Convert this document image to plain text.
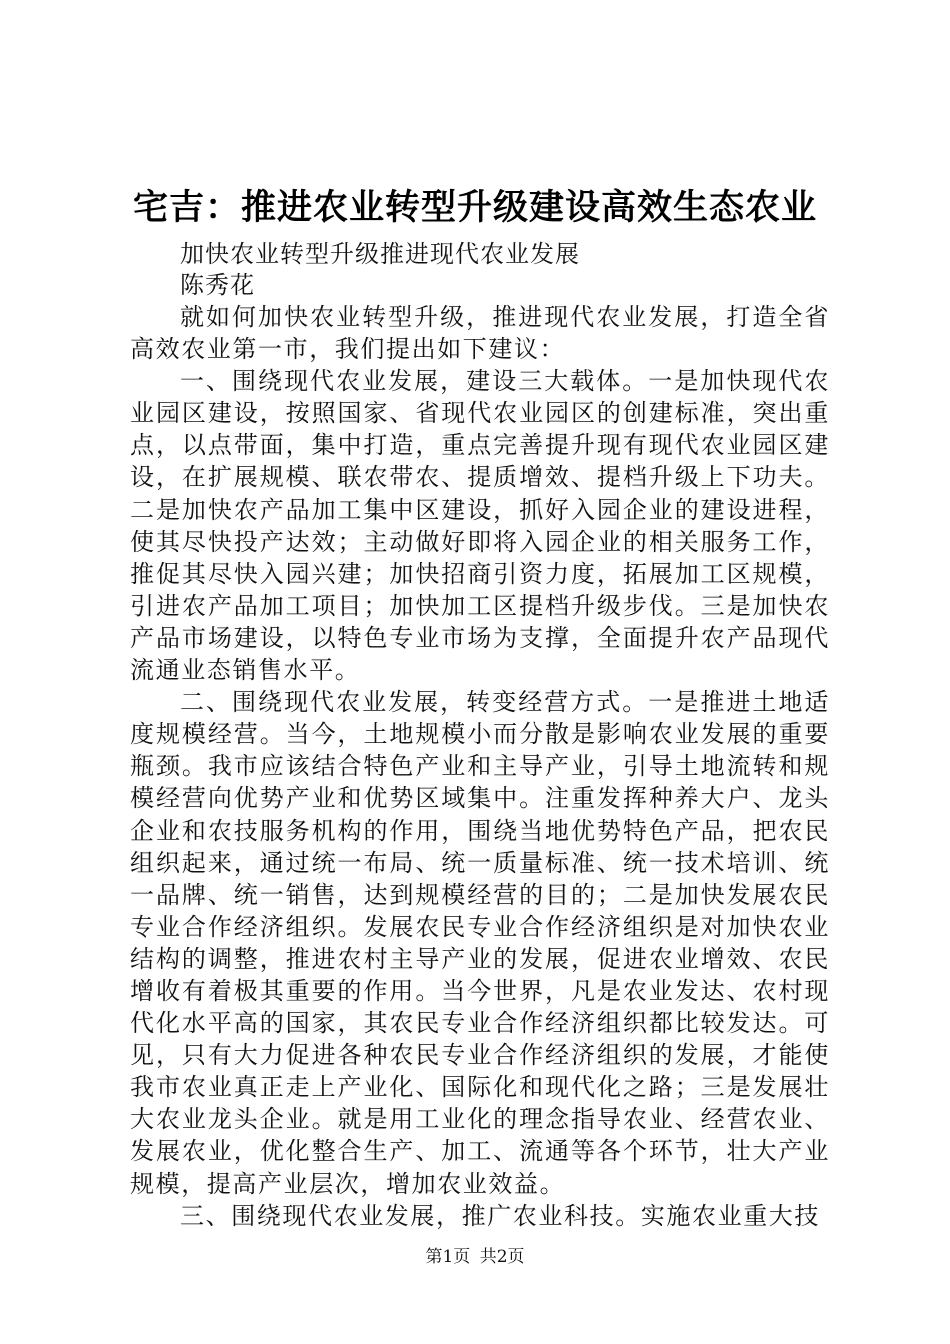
宅吉：推进农业转型升级建设高效生态农业

加快农业转型升级推进现代农业发展

陈秀花

就如何加快农业转型升级，推进现代农业发展，打造全省高效农业第一市，我们提出如下建议：

一、围绕现代农业发展，建设三大载体。一是加快现代农业园区建设，按照国家、省现代农业园区的创建标准，突出重点，以点带面，集中打造，重点完善提升现有现代农业园区建设，在扩展规模、联农带农、提质增效、提档升级上下功夫。二是加快农产品加工集中区建设，抓好入园企业的建设进程，使其尽快投产达效；主动做好即将入园企业的相关服务工作，推促其尽快入园兴建；加快招商引资力度，拓展加工区规模，引进农产品加工项目；加快加工区提档升级步伐。三是加快农产品市场建设，以特色专业市场为支撑，全面提升农产品现代流通业态销售水平。

二、围绕现代农业发展，转变经营方式。一是推进土地适度规模经营。当今，土地规模小而分散是影响农业发展的重要瓶颈。我市应该结合特色产业和主导产业，引导土地流转和规模经营向优势产业和优势区域集中。注重发挥种养大户、龙头企业和农技服务机构的作用，围绕当地优势特色产品，把农民组织起来，通过统一布局、统一质量标准、统一技术培训、统一品牌、统一销售，达到规模经营的目的；二是加快发展农民专业合作经济组织。发展农民专业合作经济组织是对加快农业结构的调整，推进农村主导产业的发展，促进农业增效、农民增收有着极其重要的作用。当今世界，凡是农业发达、农村现代化水平高的国家，其农民专业合作经济组织都比较发达。可见，只有大力促进各种农民专业合作经济组织的发展，才能使我市农业真正走上产业化、国际化和现代化之路；三是发展壮大农业龙头企业。就是用工业化的理念指导农业、经营农业、发展农业，优化整合生产、加工、流通等各个环节，壮大产业规模，提高产业层次，增加农业效益。

三、围绕现代农业发展，推广农业科技。实施农业重大技

第1页 共2页
